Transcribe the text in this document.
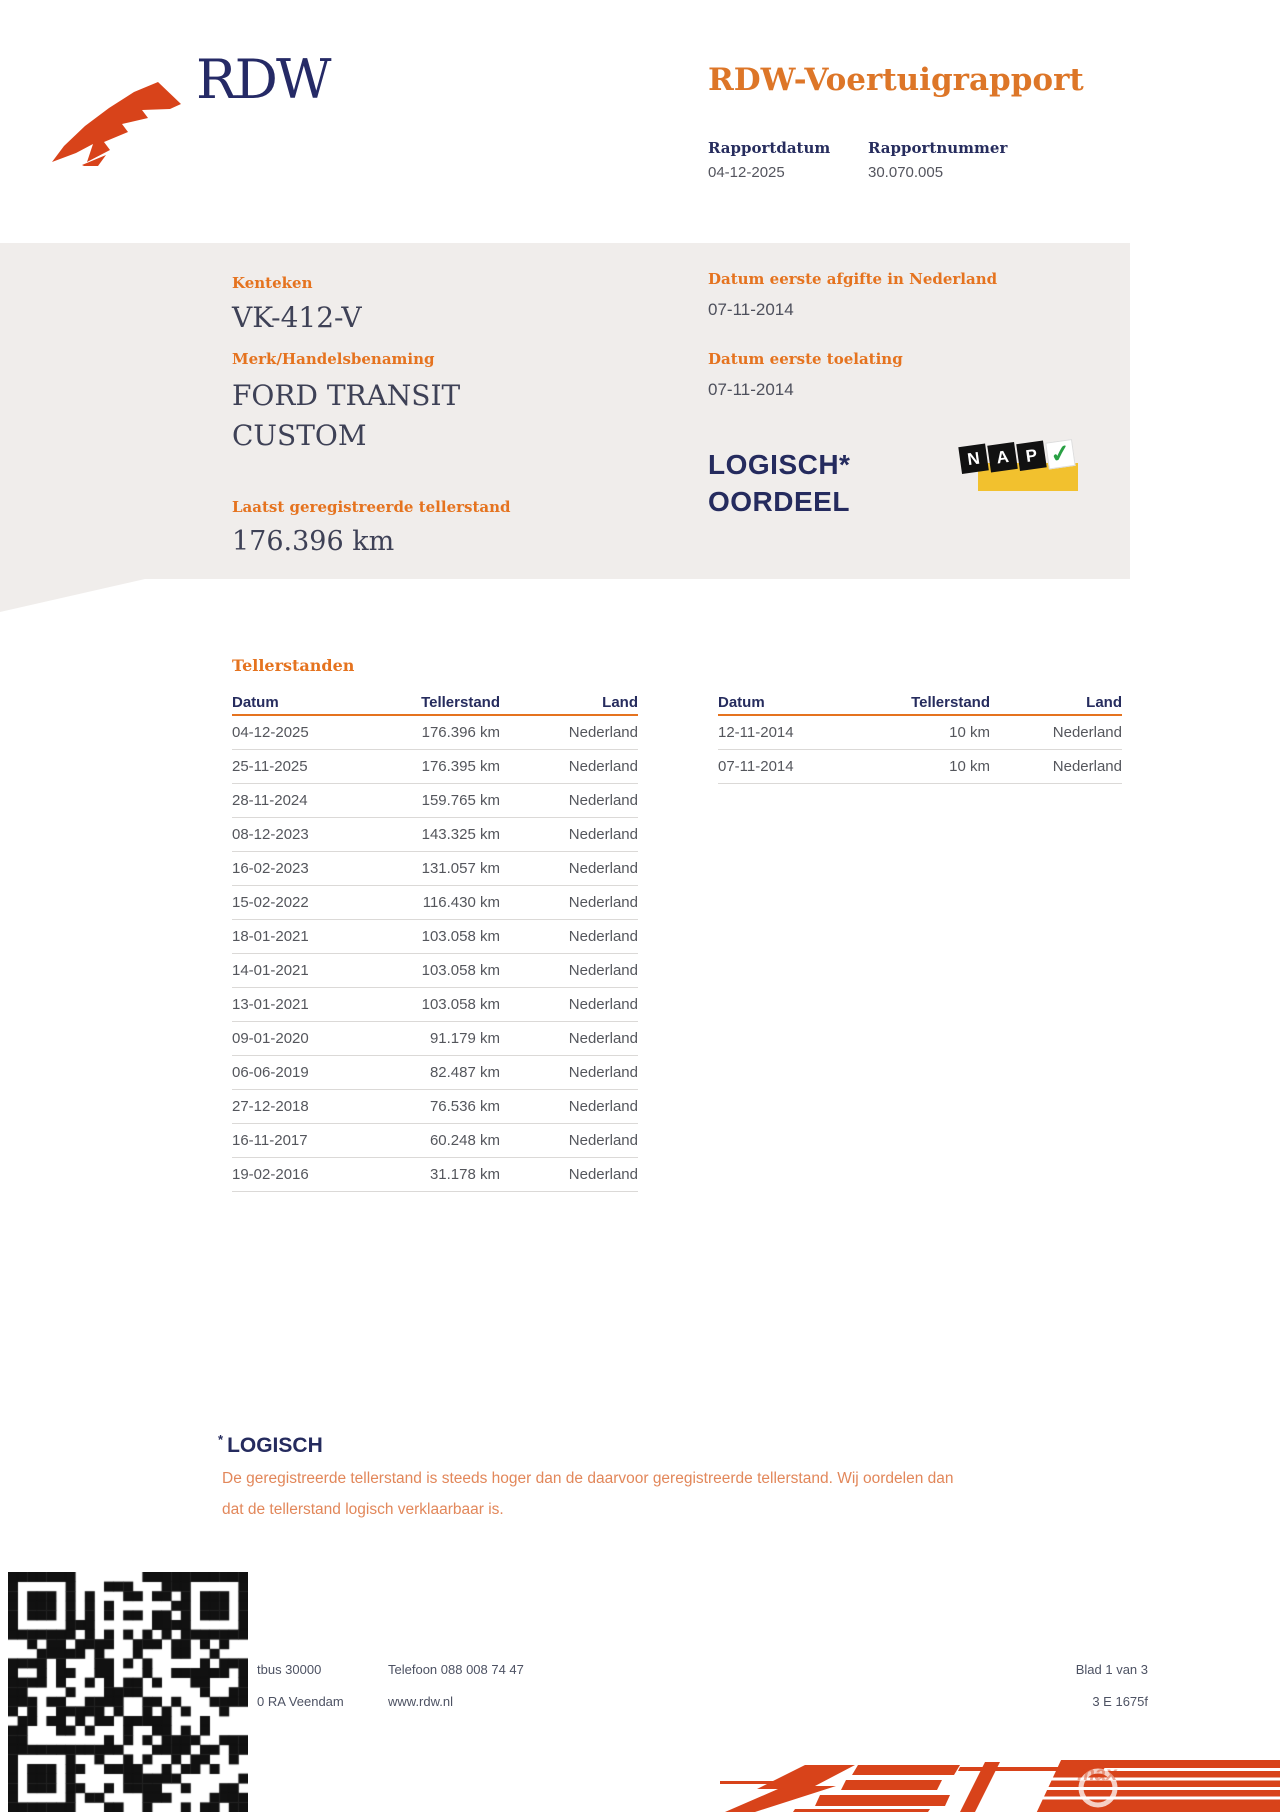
RDW	RDW-Voertuigrapport
Rapportdatum
04-12-2025
Rapportnummer
30.070.005
Kenteken
VK-412-V
Merk/Handelsbenaming
FORD TRANSIT
CUSTOM
Laatst geregistreerde tellerstand
176.396 km
Datum eerste afgifte in Nederland
07-11-2014
Datum eerste toelating
07-11-2014
LOGISCH*
OORDEEL
N A P ✓
Tellerstanden
Datum	Tellerstand	Land
04-12-2025	176.396 km	Nederland
25-11-2025	176.395 km	Nederland
28-11-2024	159.765 km	Nederland
08-12-2023	143.325 km	Nederland
16-02-2023	131.057 km	Nederland
15-02-2022	116.430 km	Nederland
18-01-2021	103.058 km	Nederland
14-01-2021	103.058 km	Nederland
13-01-2021	103.058 km	Nederland
09-01-2020	91.179 km	Nederland
06-06-2019	82.487 km	Nederland
27-12-2018	76.536 km	Nederland
16-11-2017	60.248 km	Nederland
19-02-2016	31.178 km	Nederland
Datum	Tellerstand	Land
12-11-2014	10 km	Nederland
07-11-2014	10 km	Nederland
* LOGISCH
De geregistreerde tellerstand is steeds hoger dan de daarvoor geregistreerde tellerstand. Wij oordelen dan
dat de tellerstand logisch verklaarbaar is.
tbus 30000
0 RA Veendam
Telefoon 088 008 74 47
www.rdw.nl
Blad 1 van 3
3 E 1675f
max
